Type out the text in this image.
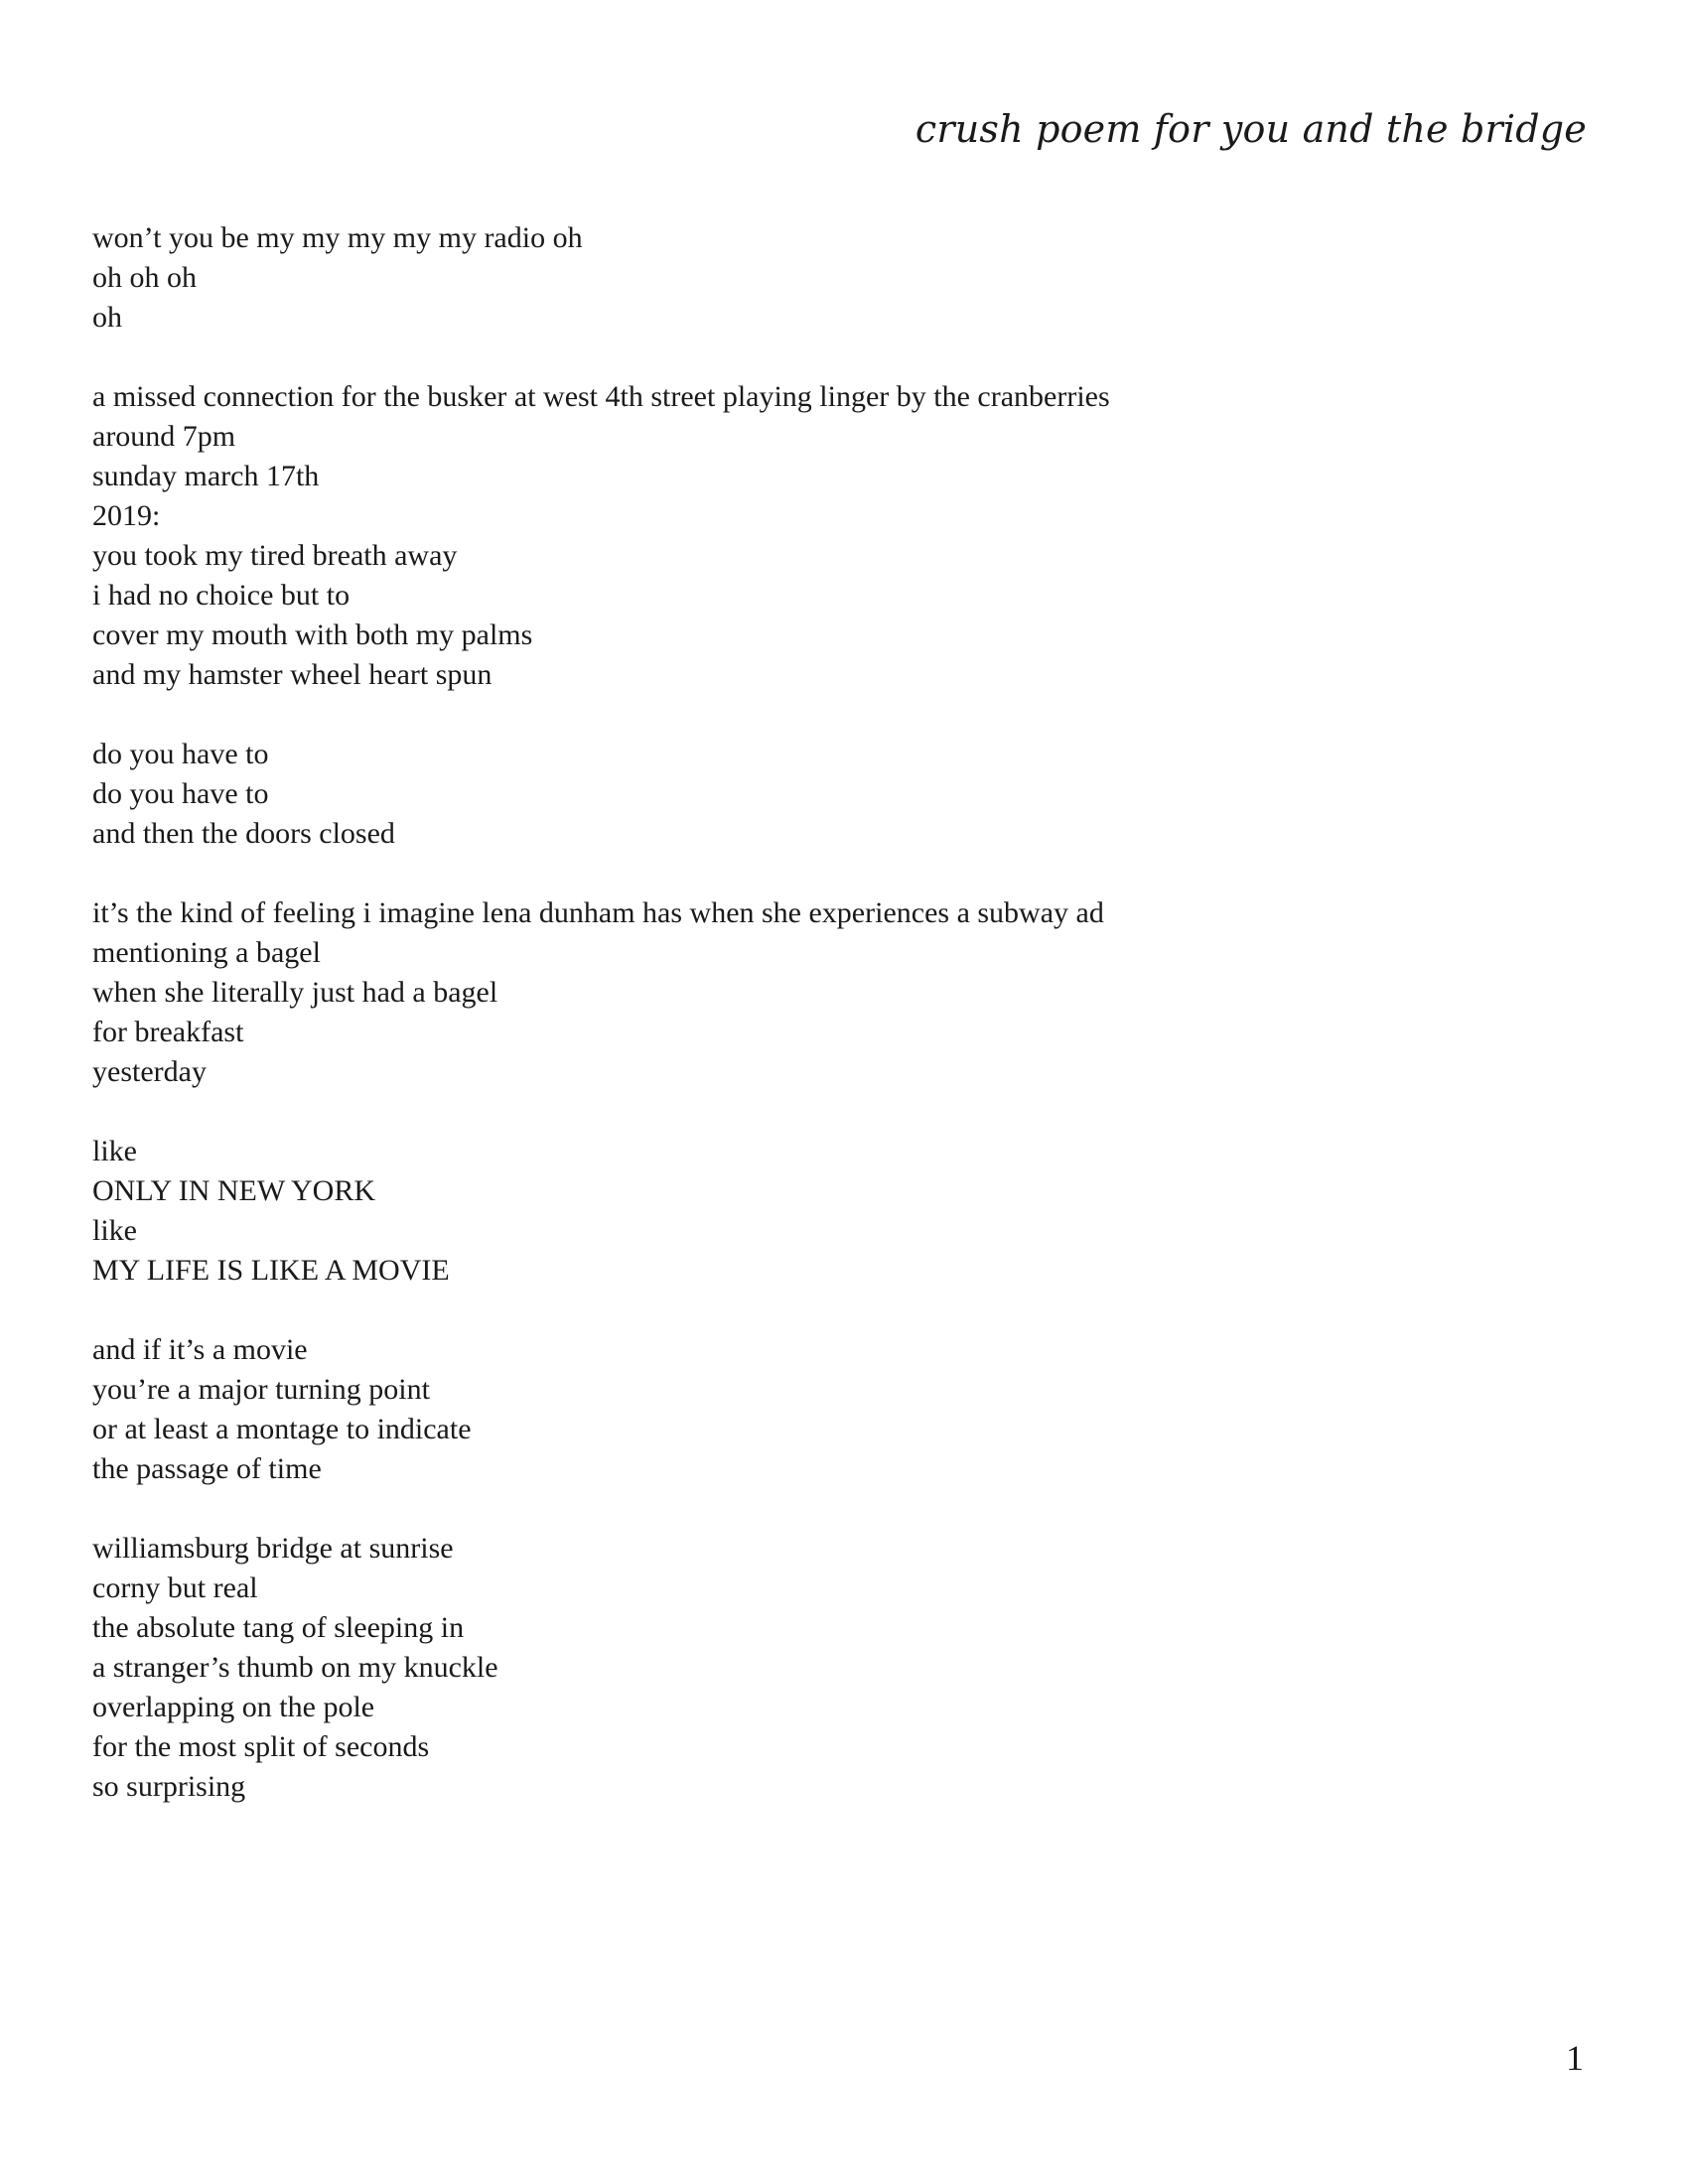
crush poem for you and the bridge
won’t you be my my my my my radio oh
oh oh oh
oh
a missed connection for the busker at west 4th street playing linger by the cranberries
around 7pm
sunday march 17th
2019:
you took my tired breath away
i had no choice but to
cover my mouth with both my palms
and my hamster wheel heart spun
do you have to
do you have to
and then the doors closed
it’s the kind of feeling i imagine lena dunham has when she experiences a subway ad
mentioning a bagel
when she literally just had a bagel
for breakfast
yesterday
like
ONLY IN NEW YORK
like
MY LIFE IS LIKE A MOVIE
and if it’s a movie
you’re a major turning point
or at least a montage to indicate
the passage of time
williamsburg bridge at sunrise
corny but real
the absolute tang of sleeping in
a stranger’s thumb on my knuckle
overlapping on the pole
for the most split of seconds
so surprising
1
